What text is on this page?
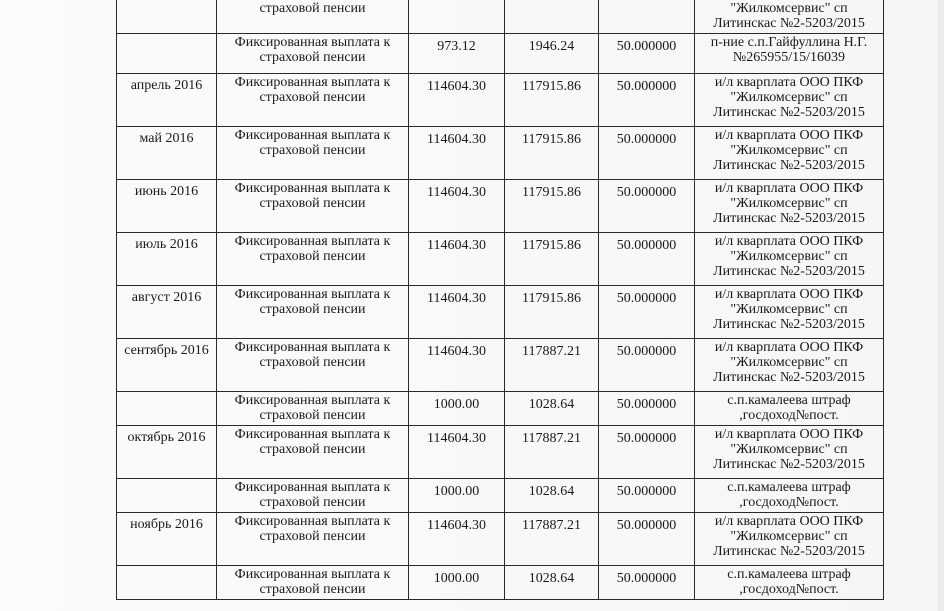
	страховой пенсии				"Жилкомсервис" сп Литинскас №2-5203/2015
	Фиксированная выплата к страховой пенсии	973.12	1946.24	50.000000	п-ние с.п.Гайфуллина Н.Г.№265955/15/16039
апрель 2016	Фиксированная выплата к страховой пенсии	114604.30	117915.86	50.000000	и/л кварплата ООО ПКФ "Жилкомсервис" сп Литинскас №2-5203/2015
май 2016	Фиксированная выплата к страховой пенсии	114604.30	117915.86	50.000000	и/л кварплата ООО ПКФ "Жилкомсервис" сп Литинскас №2-5203/2015
июнь 2016	Фиксированная выплата к страховой пенсии	114604.30	117915.86	50.000000	и/л кварплата ООО ПКФ "Жилкомсервис" сп Литинскас №2-5203/2015
июль 2016	Фиксированная выплата к страховой пенсии	114604.30	117915.86	50.000000	и/л кварплата ООО ПКФ "Жилкомсервис" сп Литинскас №2-5203/2015
август 2016	Фиксированная выплата к страховой пенсии	114604.30	117915.86	50.000000	и/л кварплата ООО ПКФ "Жилкомсервис" сп Литинскас №2-5203/2015
сентябрь 2016	Фиксированная выплата к страховой пенсии	114604.30	117887.21	50.000000	и/л кварплата ООО ПКФ "Жилкомсервис" сп Литинскас №2-5203/2015
	Фиксированная выплата к страховой пенсии	1000.00	1028.64	50.000000	с.п.камалеева штраф ,госдоход№пост.
октябрь 2016	Фиксированная выплата к страховой пенсии	114604.30	117887.21	50.000000	и/л кварплата ООО ПКФ "Жилкомсервис" сп Литинскас №2-5203/2015
	Фиксированная выплата к страховой пенсии	1000.00	1028.64	50.000000	с.п.камалеева штраф ,госдоход№пост.
ноябрь 2016	Фиксированная выплата к страховой пенсии	114604.30	117887.21	50.000000	и/л кварплата ООО ПКФ "Жилкомсервис" сп Литинскас №2-5203/2015
	Фиксированная выплата к страховой пенсии	1000.00	1028.64	50.000000	с.п.камалеева штраф ,госдоход№пост.
